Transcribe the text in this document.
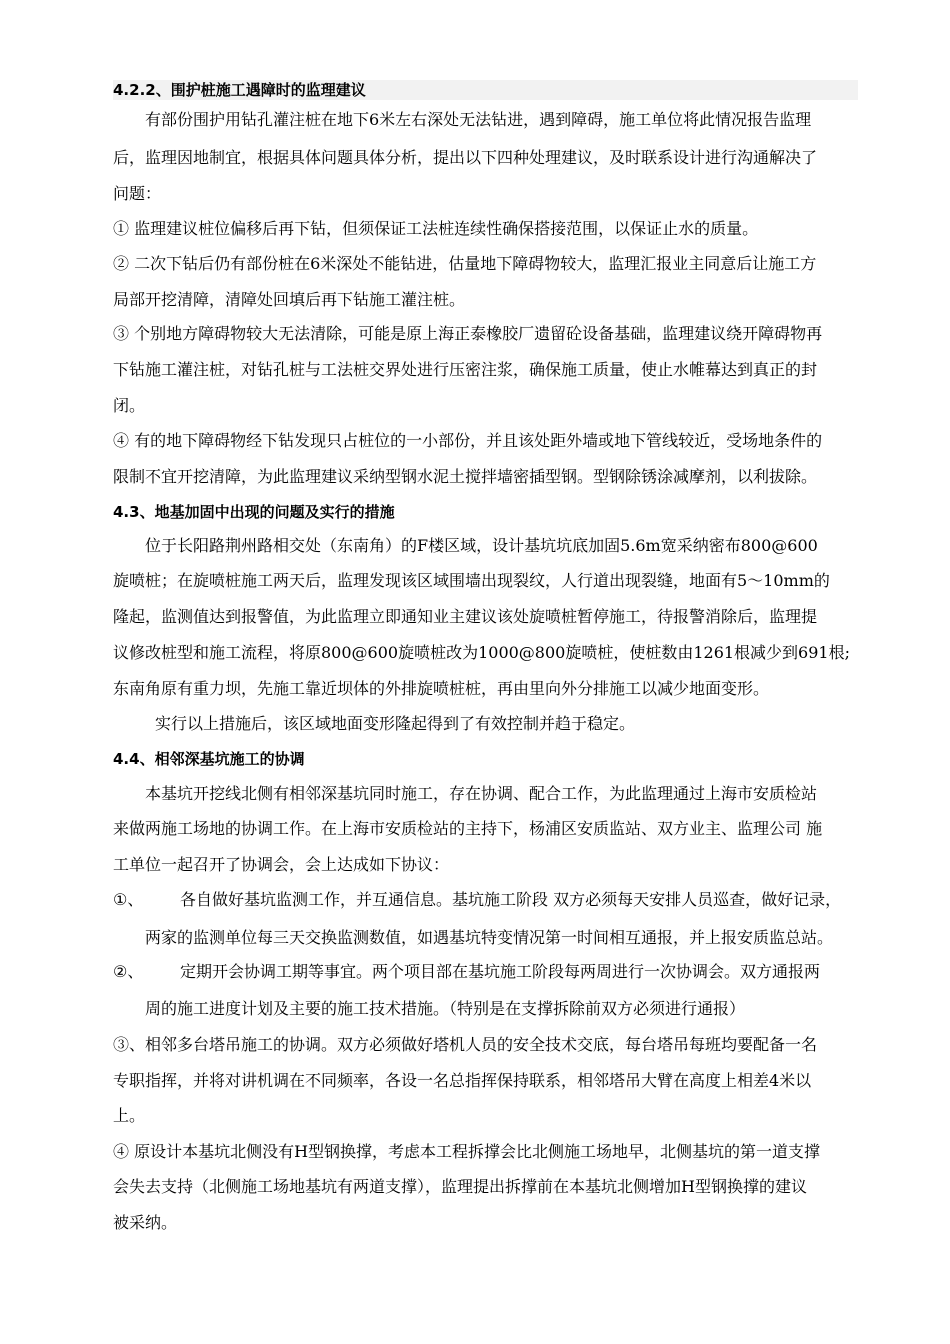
4.2.2、围护桩施工遇障时的监理建议
有部份围护用钻孔灌注桩在地下6米左右深处无法钻进，遇到障碍，施工单位将此情况报告监理
后，监理因地制宜，根据具体问题具体分析，提出以下四种处理建议，及时联系设计进行沟通解决了
问题：
① 监理建议桩位偏移后再下钻，但须保证工法桩连续性确保搭接范围，以保证止水的质量。
② 二次下钻后仍有部份桩在6米深处不能钻进，估量地下障碍物较大，监理汇报业主同意后让施工方
局部开挖清障，清障处回填后再下钻施工灌注桩。
③ 个别地方障碍物较大无法清除，可能是原上海正泰橡胶厂遗留砼设备基础，监理建议绕开障碍物再
下钻施工灌注桩，对钻孔桩与工法桩交界处进行压密注浆，确保施工质量，使止水帷幕达到真正的封
闭。
④ 有的地下障碍物经下钻发现只占桩位的一小部份，并且该处距外墙或地下管线较近，受场地条件的
限制不宜开挖清障，为此监理建议采纳型钢水泥土搅拌墙密插型钢。型钢除锈涂减摩剂，以利拔除。
4.3、地基加固中出现的问题及实行的措施
位于长阳路荆州路相交处（东南角）的F楼区域，设计基坑坑底加固5.6m宽采纳密布800@600
旋喷桩；在旋喷桩施工两天后，监理发现该区域围墙出现裂纹，人行道出现裂缝，地面有5～10mm的
隆起，监测值达到报警值，为此监理立即通知业主建议该处旋喷桩暂停施工，待报警消除后，监理提
议修改桩型和施工流程，将原800@600旋喷桩改为1000@800旋喷桩，使桩数由1261根减少到691根;
东南角原有重力坝，先施工靠近坝体的外排旋喷桩桩，再由里向外分排施工以减少地面变形。
实行以上措施后，该区域地面变形隆起得到了有效控制并趋于稳定。
4.4、相邻深基坑施工的协调
本基坑开挖线北侧有相邻深基坑同时施工，存在协调、配合工作，为此监理通过上海市安质检站
来做两施工场地的协调工作。在上海市安质检站的主持下，杨浦区安质监站、双方业主、监理公司 施
工单位一起召开了协调会，会上达成如下协议：
①、 各自做好基坑监测工作，并互通信息。基坑施工阶段 双方必须每天安排人员巡查，做好记录，
两家的监测单位每三天交换监测数值，如遇基坑特变情况第一时间相互通报，并上报安质监总站。
②、 定期开会协调工期等事宜。两个项目部在基坑施工阶段每两周进行一次协调会。双方通报两
周的施工进度计划及主要的施工技术措施。（特别是在支撑拆除前双方必须进行通报）
③、相邻多台塔吊施工的协调。双方必须做好塔机人员的安全技术交底，每台塔吊每班均要配备一名
专职指挥，并将对讲机调在不同频率，各设一名总指挥保持联系，相邻塔吊大臂在高度上相差4米以
上。
④ 原设计本基坑北侧没有H型钢换撑，考虑本工程拆撑会比北侧施工场地早，北侧基坑的第一道支撑
会失去支持（北侧施工场地基坑有两道支撑），监理提出拆撑前在本基坑北侧增加H型钢换撑的建议
被采纳。
